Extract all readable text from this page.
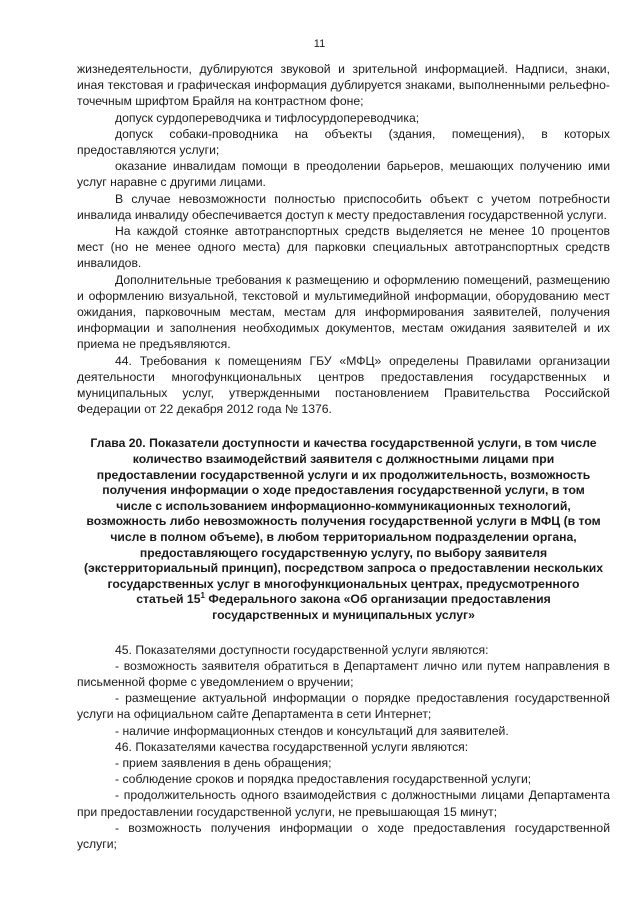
11

жизнедеятельности, дублируются звуковой и зрительной информацией. Надписи, знаки, иная текстовая и графическая информация дублируется знаками, выполненными рельефно-точечным шрифтом Брайля на контрастном фоне;

допуск сурдопереводчика и тифлосурдопереводчика;

допуск собаки-проводника на объекты (здания, помещения), в которых предоставляются услуги;

оказание инвалидам помощи в преодолении барьеров, мешающих получению ими услуг наравне с другими лицами.

В случае невозможности полностью приспособить объект с учетом потребности инвалида инвалиду обеспечивается доступ к месту предоставления государственной услуги.

На каждой стоянке автотранспортных средств выделяется не менее 10 процентов мест (но не менее одного места) для парковки специальных автотранспортных средств инвалидов.

Дополнительные требования к размещению и оформлению помещений, размещению и оформлению визуальной, текстовой и мультимедийной информации, оборудованию мест ожидания, парковочным местам, местам для информирования заявителей, получения информации и заполнения необходимых документов, местам ожидания заявителей и их приема не предъявляются.

44. Требования к помещениям ГБУ «МФЦ» определены Правилами организации деятельности многофункциональных центров предоставления государственных и муниципальных услуг, утвержденными постановлением Правительства Российской Федерации от 22 декабря 2012 года № 1376.

Глава 20. Показатели доступности и качества государственной услуги, в том числе количество взаимодействий заявителя с должностными лицами при предоставлении государственной услуги и их продолжительность, возможность получения информации о ходе предоставления государственной услуги, в том числе с использованием информационно-коммуникационных технологий, возможность либо невозможность получения государственной услуги в МФЦ (в том числе в полном объеме), в любом территориальном подразделении органа, предоставляющего государственную услугу, по выбору заявителя (экстерриториальный принцип), посредством запроса о предоставлении нескольких государственных услуг в многофункциональных центрах, предусмотренного статьей $15^1$ Федерального закона «Об организации предоставления государственных и муниципальных услуг»

45. Показателями доступности государственной услуги являются:

- возможность заявителя обратиться в Департамент лично или путем направления в письменной форме с уведомлением о вручении;

- размещение актуальной информации о порядке предоставления государственной услуги на официальном сайте Департамента в сети Интернет;

- наличие информационных стендов и консультаций для заявителей.

46. Показателями качества государственной услуги являются:

- прием заявления в день обращения;

- соблюдение сроков и порядка предоставления государственной услуги;

- продолжительность одного взаимодействия с должностными лицами Департамента при предоставлении государственной услуги, не превышающая 15 минут;

- возможность получения информации о ходе предоставления государственной услуги;
